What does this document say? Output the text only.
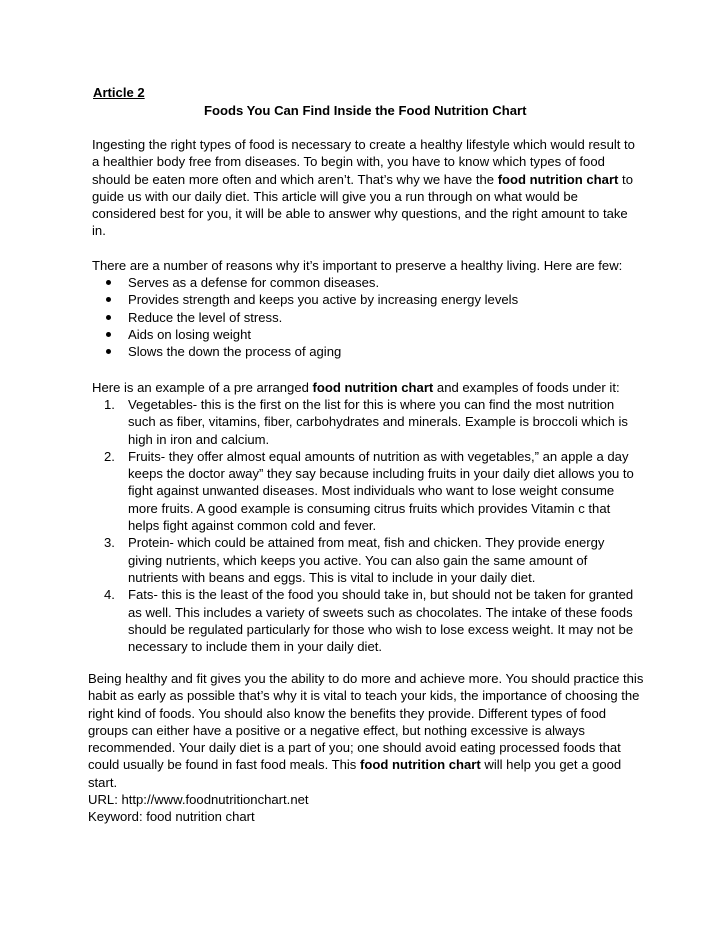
Article 2
Foods You Can Find Inside the Food Nutrition Chart

Ingesting the right types of food is necessary to create a healthy lifestyle which would result to a healthier body free from diseases. To begin with, you have to know which types of food should be eaten more often and which aren’t. That’s why we have the food nutrition chart to guide us with our daily diet. This article will give you a run through on what would be considered best for you, it will be able to answer why questions, and the right amount to take in.

There are a number of reasons why it’s important to preserve a healthy living. Here are few:

Serves as a defense for common diseases.
Provides strength and keeps you active by increasing energy levels
Reduce the level of stress.
Aids on losing weight
Slows the down the process of aging

Here is an example of a pre arranged food nutrition chart and examples of foods under it:

1. Vegetables- this is the first on the list for this is where you can find the most nutrition such as fiber, vitamins, fiber, carbohydrates and minerals. Example is broccoli which is high in iron and calcium.
2. Fruits- they offer almost equal amounts of nutrition as with vegetables,” an apple a day keeps the doctor away” they say because including fruits in your daily diet allows you to fight against unwanted diseases. Most individuals who want to lose weight consume more fruits. A good example is consuming citrus fruits which provides Vitamin c that helps fight against common cold and fever.
3. Protein- which could be attained from meat, fish and chicken. They provide energy giving nutrients, which keeps you active. You can also gain the same amount of nutrients with beans and eggs. This is vital to include in your daily diet.
4. Fats- this is the least of the food you should take in, but should not be taken for granted as well. This includes a variety of sweets such as chocolates. The intake of these foods should be regulated particularly for those who wish to lose excess weight. It may not be necessary to include them in your daily diet.

Being healthy and fit gives you the ability to do more and achieve more. You should practice this habit as early as possible that’s why it is vital to teach your kids, the importance of choosing the right kind of foods. You should also know the benefits they provide. Different types of food groups can either have a positive or a negative effect, but nothing excessive is always recommended. Your daily diet is a part of you; one should avoid eating processed foods that could usually be found in fast food meals. This food nutrition chart will help you get a good start.

URL: http://www.foodnutritionchart.net

Keyword: food nutrition chart
